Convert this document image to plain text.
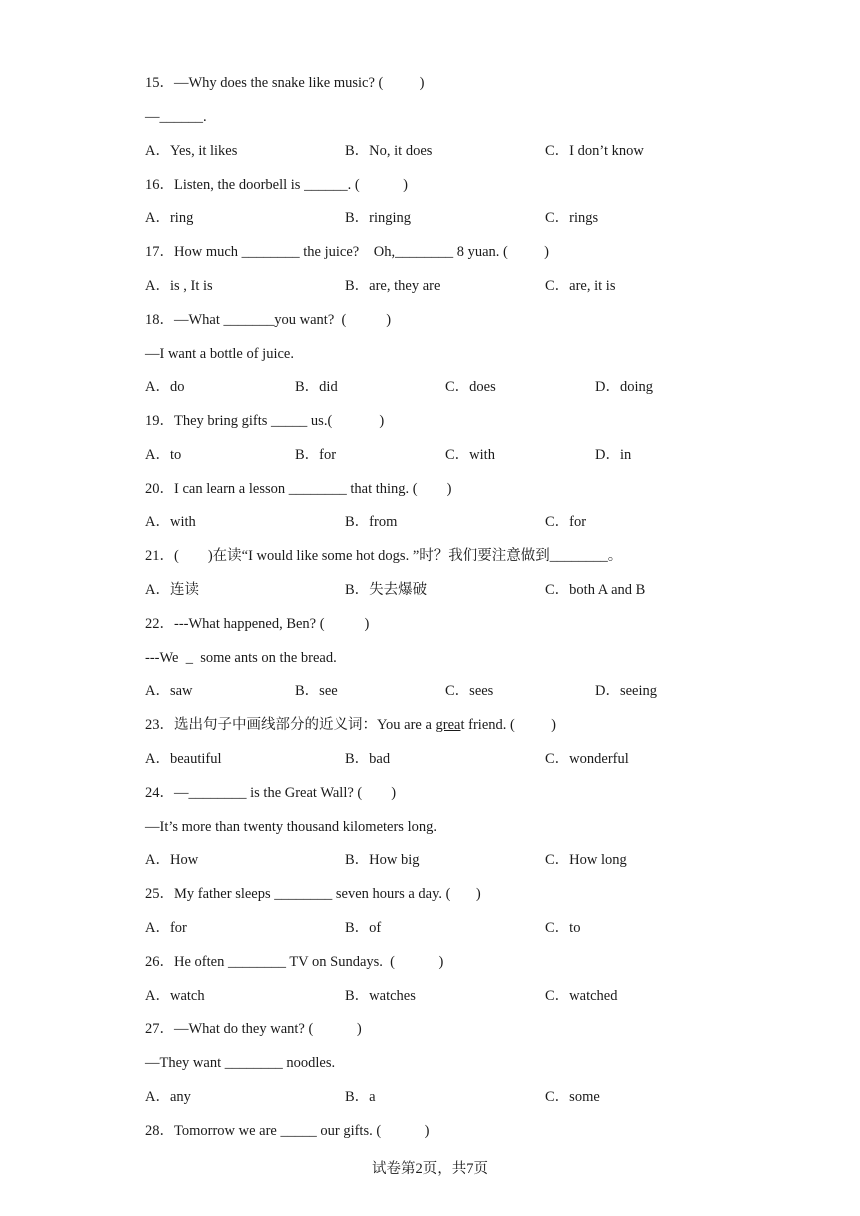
15．—Why does the snake like music? (          )
—______.
A．Yes, it likes	B．No, it does	C．I don’t know
16．Listen, the doorbell is ______. (            )
A．ring	B．ringing	C．rings
17．How much ________ the juice?    Oh,________ 8 yuan. (          )
A．is , It is	B．are, they are	C．are, it is
18．—What _______you want?  (           )
—I want a bottle of juice.
A．do	B．did	C．does	D．doing
19．They bring gifts _____ us.(             )
A．to	B．for	C．with	D．in
20．I can learn a lesson ________ that thing. (        )
A．with	B．from	C．for
21．(        )在读“I would like some hot dogs. ”时？我们要注意做到________。
A．连读	B．失去爆破	C．both A and B
22．---What happened, Ben? (           )
---We  _  some ants on the bread.
A．saw	B．see	C．sees	D．seeing
23．选出句子中画线部分的近义词：You are a great friend. (          )
A．beautiful	B．bad	C．wonderful
24．—________ is the Great Wall? (        )
—It’s more than twenty thousand kilometers long.
A．How	B．How big	C．How long
25．My father sleeps ________ seven hours a day. (       )
A．for	B．of	C．to
26．He often ________ TV on Sundays.  (            )
A．watch	B．watches	C．watched
27．—What do they want? (            )
—They want ________ noodles.
A．any	B．a	C．some
28．Tomorrow we are _____ our gifts. (            )
试卷第2页，共7页
